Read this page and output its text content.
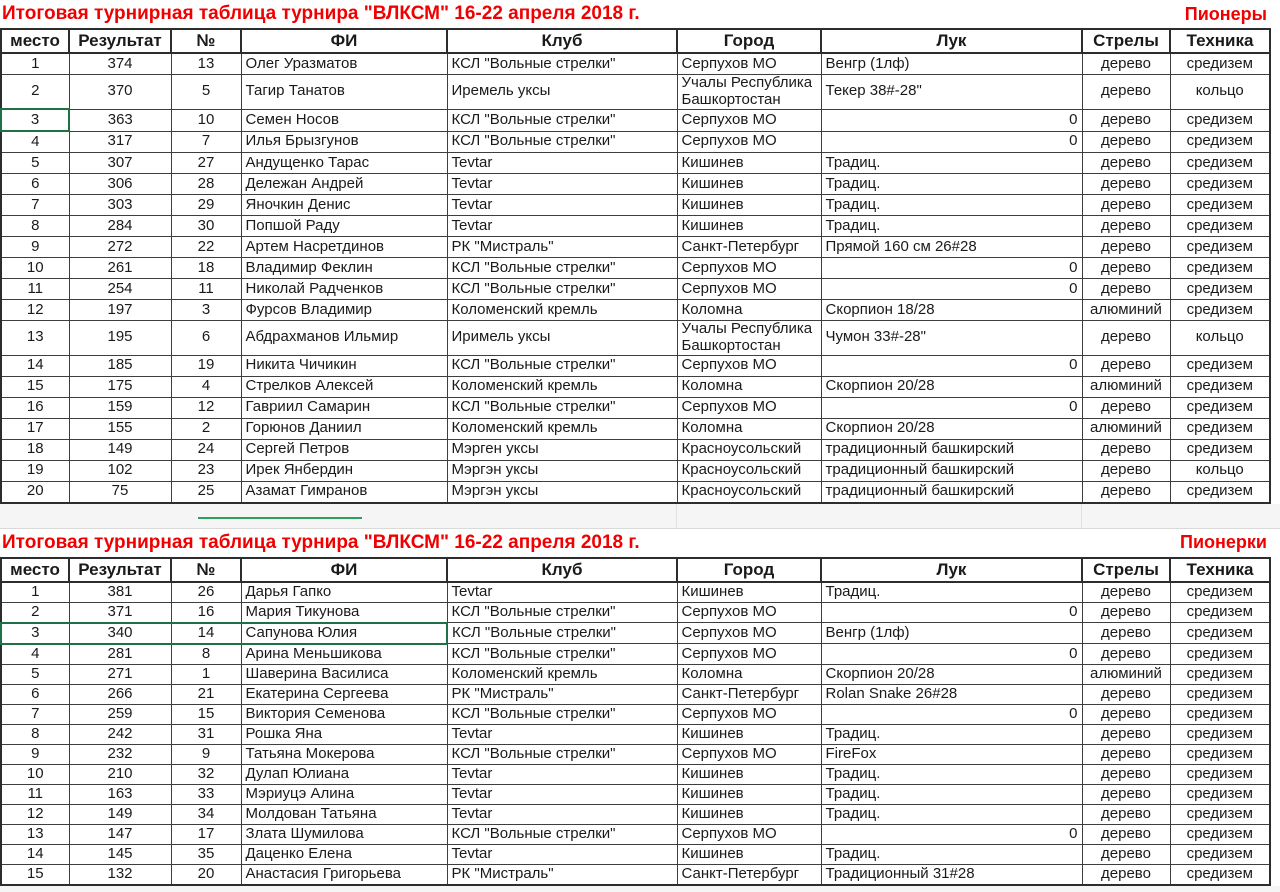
Итоговая турнирная таблица турнира "ВЛКСМ" 16-22 апреля 2018 г.	Пионеры
место	Результат	№	ФИ	Клуб	Город	Лук	Стрелы	Техника
1	374	13	Олег Уразматов	КСЛ "Вольные стрелки"	Серпухов МО	Венгр (1лф)	дерево	средизем
2	370	5	Тагир Танатов	Иремель уксы	Учалы Республика Башкортостан	Текер 38#-28"	дерево	кольцо
3	363	10	Семен Носов	КСЛ "Вольные стрелки"	Серпухов МО	0	дерево	средизем
4	317	7	Илья Брызгунов	КСЛ "Вольные стрелки"	Серпухов МО	0	дерево	средизем
5	307	27	Андущенко Тарас	Tevtar	Кишинев	Традиц.	дерево	средизем
6	306	28	Дележан Андрей	Tevtar	Кишинев	Традиц.	дерево	средизем
7	303	29	Яночкин Денис	Tevtar	Кишинев	Традиц.	дерево	средизем
8	284	30	Попшой Раду	Tevtar	Кишинев	Традиц.	дерево	средизем
9	272	22	Артем Насретдинов	РК "Мистраль"	Санкт-Петербург	Прямой 160 см 26#28	дерево	средизем
10	261	18	Владимир Феклин	КСЛ "Вольные стрелки"	Серпухов МО	0	дерево	средизем
11	254	11	Николай Радченков	КСЛ "Вольные стрелки"	Серпухов МО	0	дерево	средизем
12	197	3	Фурсов Владимир	Коломенский кремль	Коломна	Скорпион 18/28	алюминий	средизем
13	195	6	Абдрахманов Ильмир	Иримель уксы	Учалы Республика Башкортостан	Чумон 33#-28"	дерево	кольцо
14	185	19	Никита Чичикин	КСЛ "Вольные стрелки"	Серпухов МО	0	дерево	средизем
15	175	4	Стрелков Алексей	Коломенский кремль	Коломна	Скорпион 20/28	алюминий	средизем
16	159	12	Гавриил Самарин	КСЛ "Вольные стрелки"	Серпухов МО	0	дерево	средизем
17	155	2	Горюнов Даниил	Коломенский кремль	Коломна	Скорпион 20/28	алюминий	средизем
18	149	24	Сергей Петров	Мэрген уксы	Красноусольский	традиционный башкирский	дерево	средизем
19	102	23	Ирек Янбердин	Мэргэн уксы	Красноусольский	традиционный башкирский	дерево	кольцо
20	75	25	Азамат Гимранов	Мэргэн уксы	Красноусольский	традиционный башкирский	дерево	средизем
Итоговая турнирная таблица турнира "ВЛКСМ" 16-22 апреля 2018 г.	Пионерки
место	Результат	№	ФИ	Клуб	Город	Лук	Стрелы	Техника
1	381	26	Дарья Гапко	Tevtar	Кишинев	Традиц.	дерево	средизем
2	371	16	Мария Тикунова	КСЛ "Вольные стрелки"	Серпухов МО	0	дерево	средизем
3	340	14	Сапунова Юлия	КСЛ "Вольные стрелки"	Серпухов МО	Венгр (1лф)	дерево	средизем
4	281	8	Арина Меньшикова	КСЛ "Вольные стрелки"	Серпухов МО	0	дерево	средизем
5	271	1	Шаверина Василиса	Коломенский кремль	Коломна	Скорпион 20/28	алюминий	средизем
6	266	21	Екатерина Сергеева	РК "Мистраль"	Санкт-Петербург	Rolan Snake 26#28	дерево	средизем
7	259	15	Виктория Семенова	КСЛ "Вольные стрелки"	Серпухов МО	0	дерево	средизем
8	242	31	Рошка Яна	Tevtar	Кишинев	Традиц.	дерево	средизем
9	232	9	Татьяна Мокерова	КСЛ "Вольные стрелки"	Серпухов МО	FireFox	дерево	средизем
10	210	32	Дулап Юлиана	Tevtar	Кишинев	Традиц.	дерево	средизем
11	163	33	Мэриуцэ Алина	Tevtar	Кишинев	Традиц.	дерево	средизем
12	149	34	Молдован Татьяна	Tevtar	Кишинев	Традиц.	дерево	средизем
13	147	17	Злата Шумилова	КСЛ "Вольные стрелки"	Серпухов МО	0	дерево	средизем
14	145	35	Даценко Елена	Tevtar	Кишинев	Традиц.	дерево	средизем
15	132	20	Анастасия Григорьева	РК "Мистраль"	Санкт-Петербург	Традиционный 31#28	дерево	средизем
